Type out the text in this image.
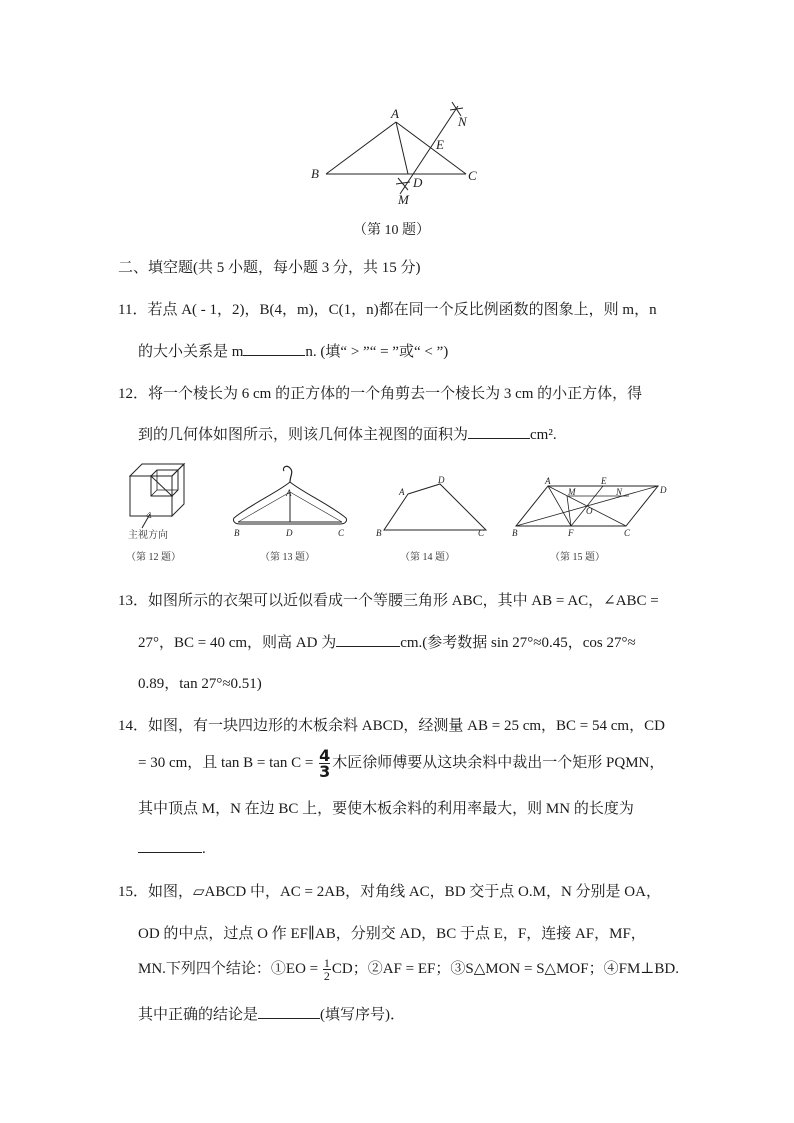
A
B	C
D
E
M
N
（第 10 题）
二、填空题(共 5 小题，每小题 3 分，共 15 分)
11．若点 A( - 1，2)，B(4，m)，C(1，n)都在同一个反比例函数的图象上，则 m，n
的大小关系是 m	n. (填“ > ”“ = ”或“ < ”)
12．将一个棱长为 6 cm 的正方体的一个角剪去一个棱长为 3 cm 的小正方体，得
到的几何体如图所示，则该几何体主视图的面积为	cm².
主视方向
（第 12 题）
A
B	D	C
（第 13 题）
A
D
B	C
（第 14 题）
A	E
D
M	N
O
B	F	C
（第 15 题）
13．如图所示的衣架可以近似看成一个等腰三角形 ABC，其中 AB = AC，∠ABC =
27°，BC = 40 cm，则高 AD 为	cm.(参考数据 sin 27°≈0.45，cos 27°≈
0.89，tan 27°≈0.51)
14．如图，有一块四边形的木板余料 ABCD，经测量 AB = 25 cm，BC = 54 cm，CD
= 30 cm，且 $\tan B = \tan C = \frac{4}{3}$ 木匠徐师傅要从这块余料中裁出一个矩形 PQMN，
其中顶点 M，N 在边 BC 上，要使木板余料的利用率最大，则 MN 的长度为
.
15．如图，▱ABCD 中，AC = 2AB，对角线 AC，BD 交于点 O.M，N 分别是 OA，
OD 的中点，过点 O 作 EF∥AB，分别交 AD，BC 于点 E，F，连接 AF，MF，
MN.下列四个结论：①EO = $\frac{1}{2}$ CD；②AF = EF；③S△MON = S△MOF；④FM⊥BD.
其中正确的结论是	(填写序号)．
